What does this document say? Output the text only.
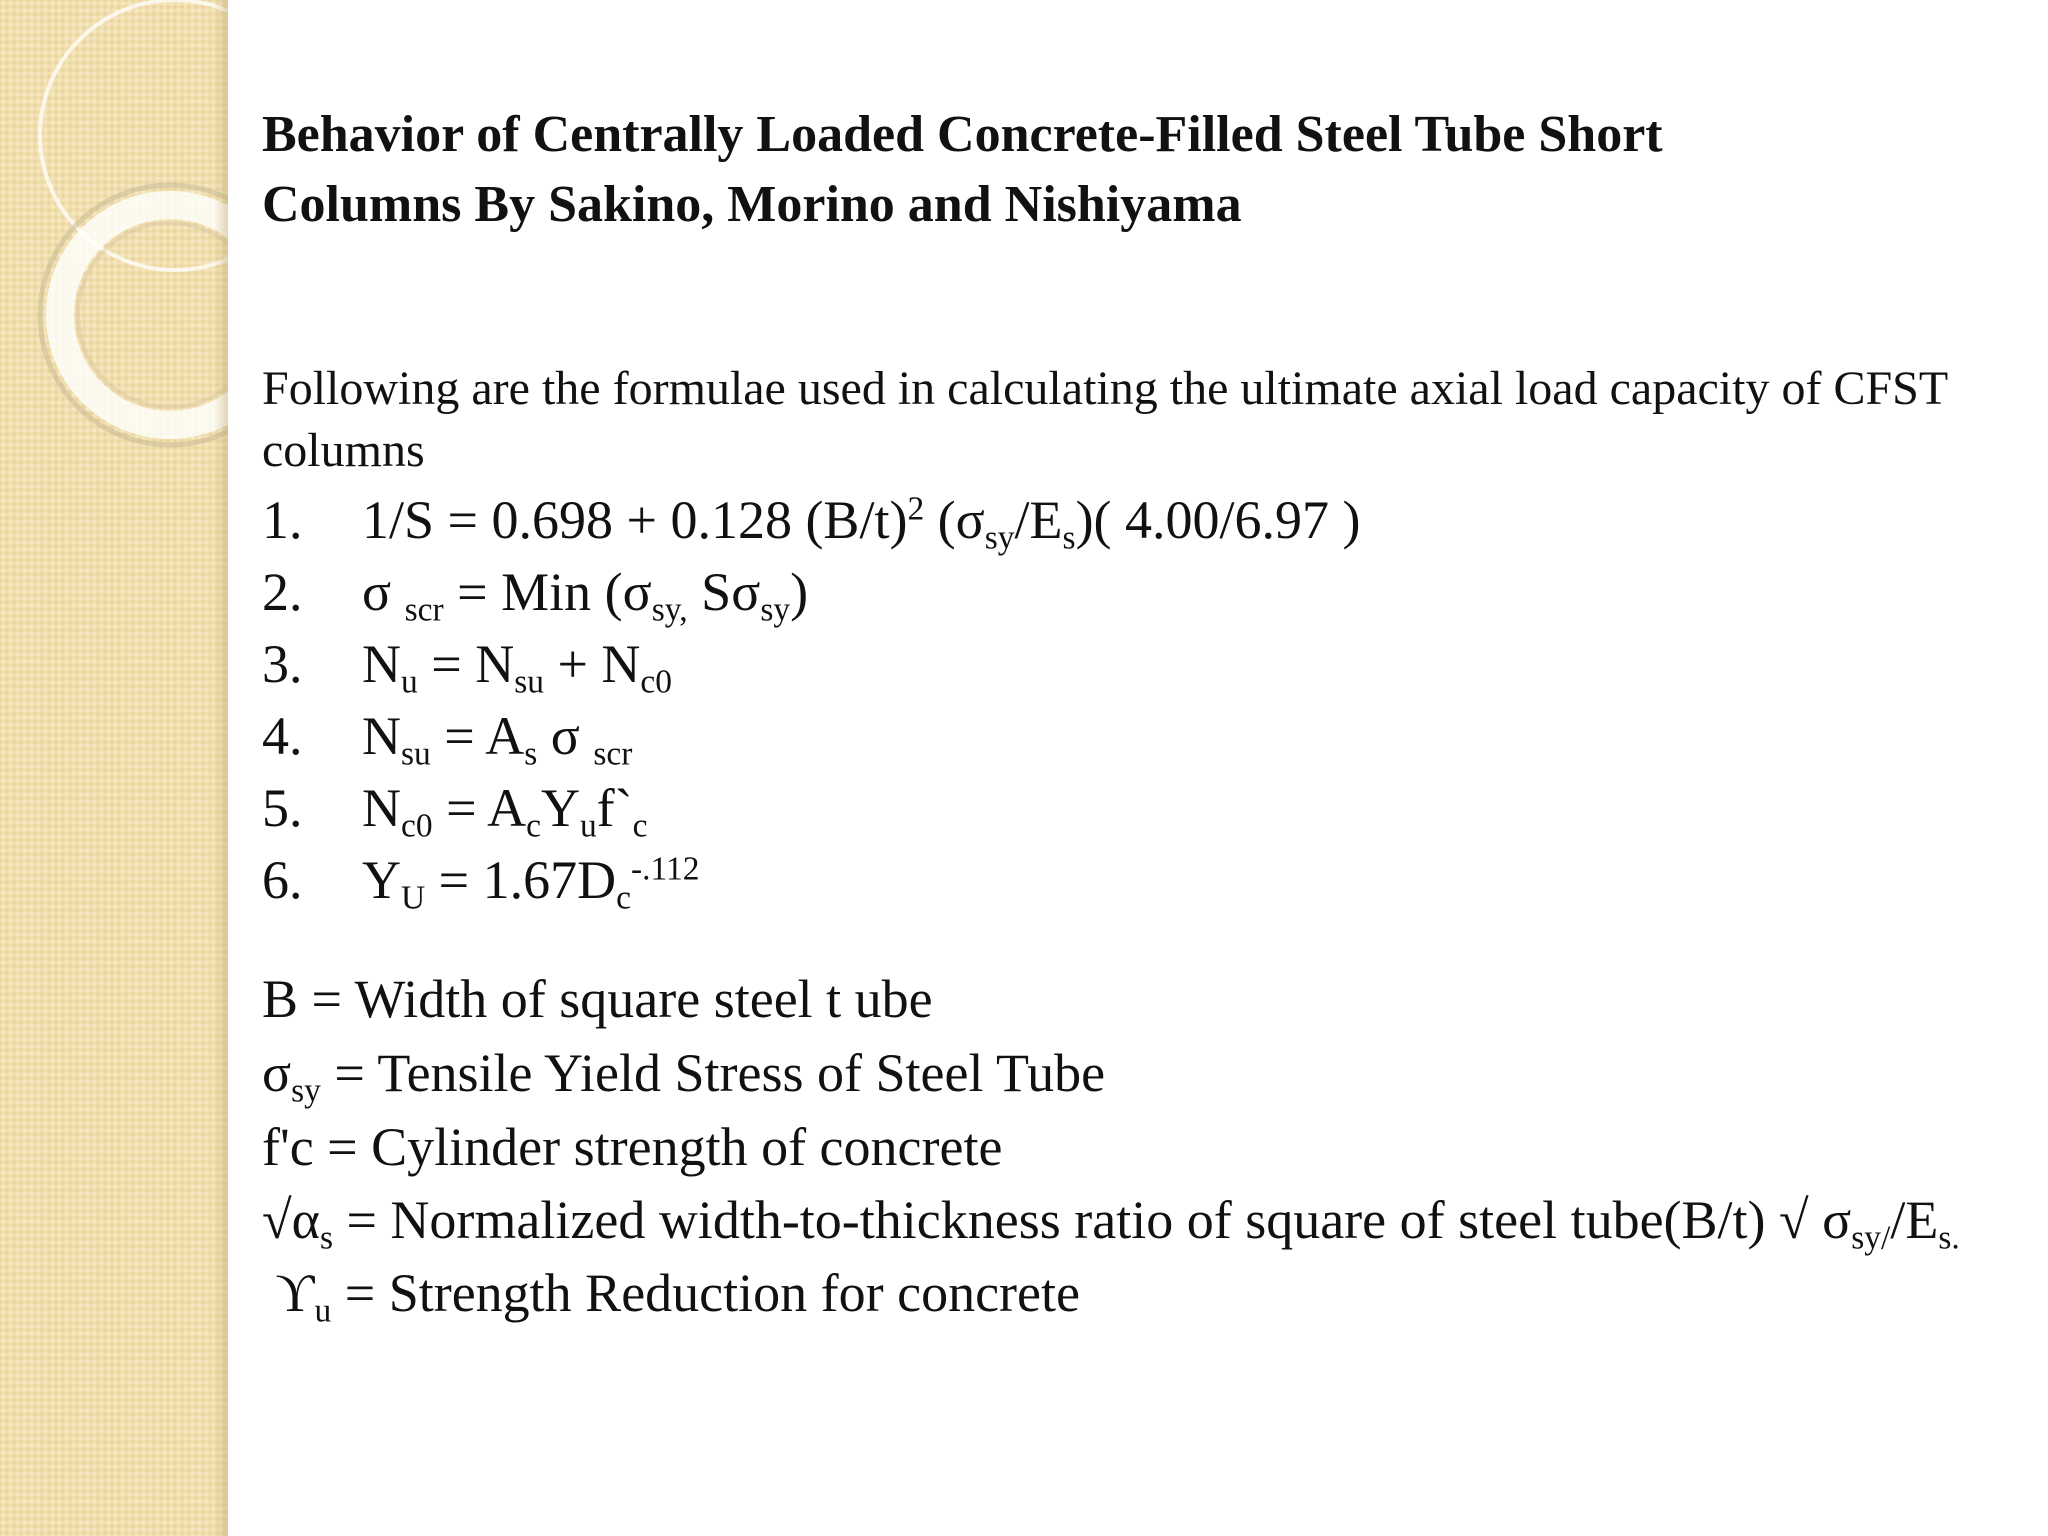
Behavior of Centrally Loaded Concrete-Filled Steel Tube Short
Columns By Sakino, Morino and Nishiyama
Following are the formulae used in calculating the ultimate axial load capacity of CFST columns
1. 1/S = 0.698 + 0.128 $(B/t)^2$ $(\sigma_{sy}/E_s)$( 4.00/6.97 )
2. σ $_{scr}$ = Min ($\sigma_{sy,}$ $S\sigma_{sy}$)
3. $N_u = N_{su} + N_{c0}$
4. $N_{su} = A_s$ σ $_{scr}$
5. $N_{c0}$ = $A_cY_uf`_c$
6. $Y_U = 1.67D_c^{-.112}$
B = Width of square steel t ube
$\sigma_{sy}$ = Tensile Yield Stress of Steel Tube
f'c = Cylinder strength of concrete
$√\alpha_s$ = Normalized width-to-thickness ratio of square of steel tube(B/t) √ $\sigma_{sy/}/E_{s.}$
$ϒ_u$ = Strength Reduction for concrete
